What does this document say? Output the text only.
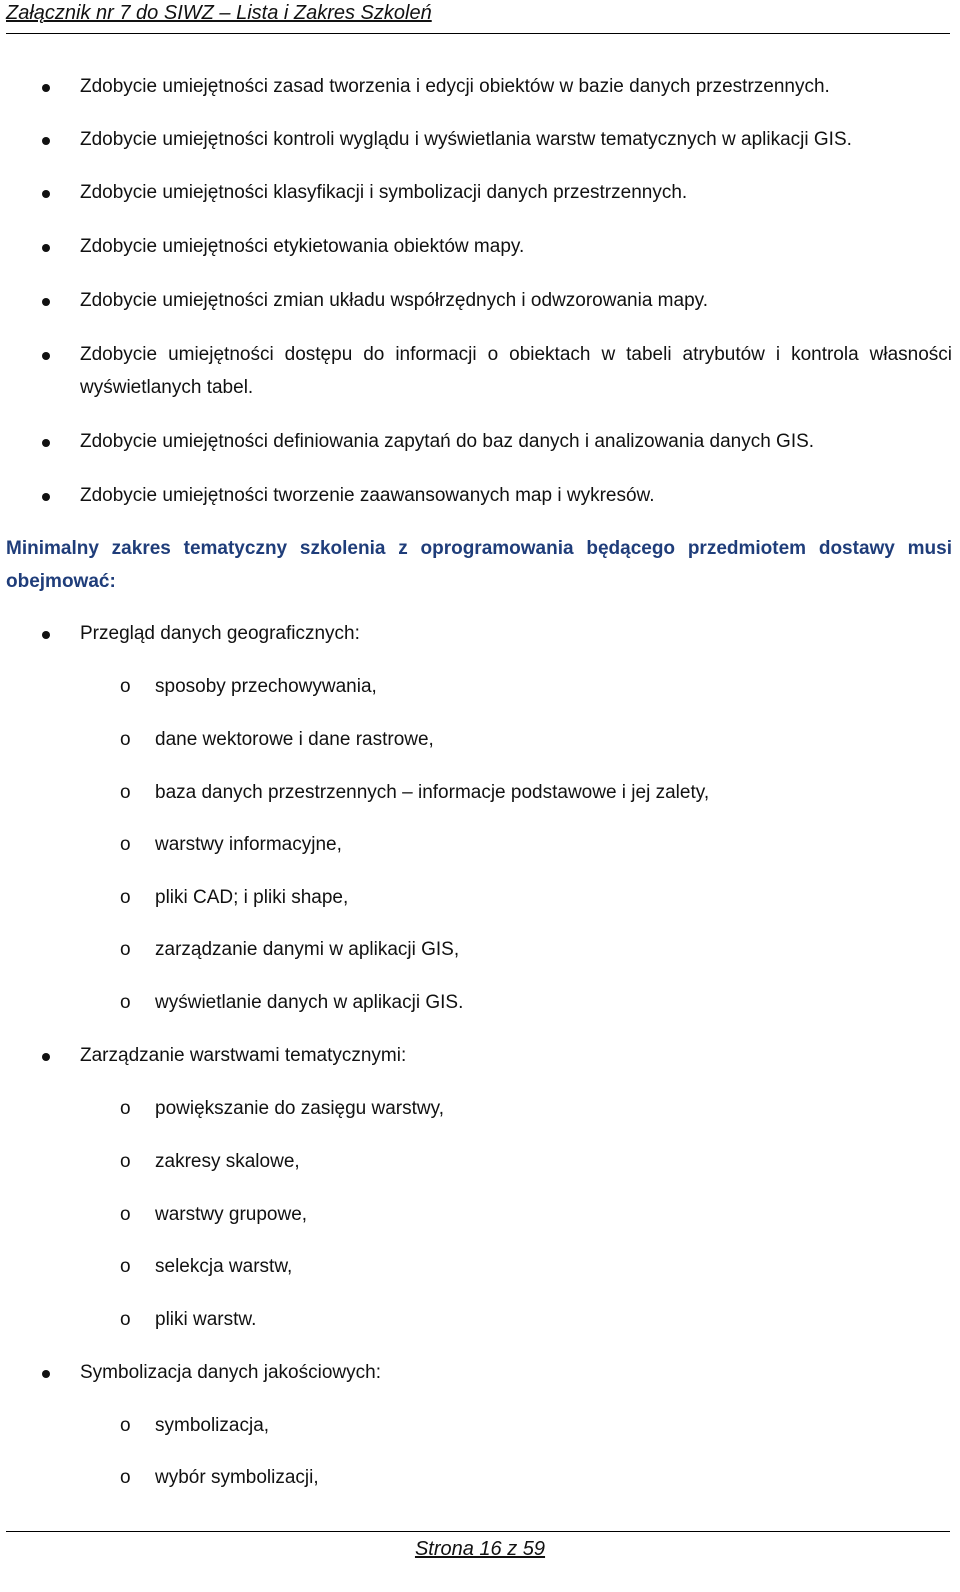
Załącznik nr 7 do SIWZ – Lista i Zakres Szkoleń
Zdobycie umiejętności zasad tworzenia i edycji obiektów w bazie danych przestrzennych.
Zdobycie umiejętności kontroli wyglądu i wyświetlania warstw tematycznych w aplikacji GIS.
Zdobycie umiejętności klasyfikacji i symbolizacji danych przestrzennych.
Zdobycie umiejętności etykietowania obiektów mapy.
Zdobycie umiejętności zmian układu współrzędnych i odwzorowania mapy.
Zdobycie umiejętności dostępu do informacji o obiektach w tabeli atrybutów i kontrola własności wyświetlanych tabel.
Zdobycie umiejętności definiowania zapytań do baz danych i analizowania danych GIS.
Zdobycie umiejętności tworzenie zaawansowanych map i wykresów.
Minimalny zakres tematyczny szkolenia z oprogramowania będącego przedmiotem dostawy musi obejmować:
Przegląd danych geograficznych:
o sposoby przechowywania,
o dane wektorowe i dane rastrowe,
o baza danych przestrzennych – informacje podstawowe i jej zalety,
o warstwy informacyjne,
o pliki CAD; i pliki shape,
o zarządzanie danymi w aplikacji GIS,
o wyświetlanie danych w aplikacji GIS.
Zarządzanie warstwami tematycznymi:
o powiększanie do zasięgu warstwy,
o zakresy skalowe,
o warstwy grupowe,
o selekcja warstw,
o pliki warstw.
Symbolizacja danych jakościowych:
o symbolizacja,
o wybór symbolizacji,
Strona 16 z 59
